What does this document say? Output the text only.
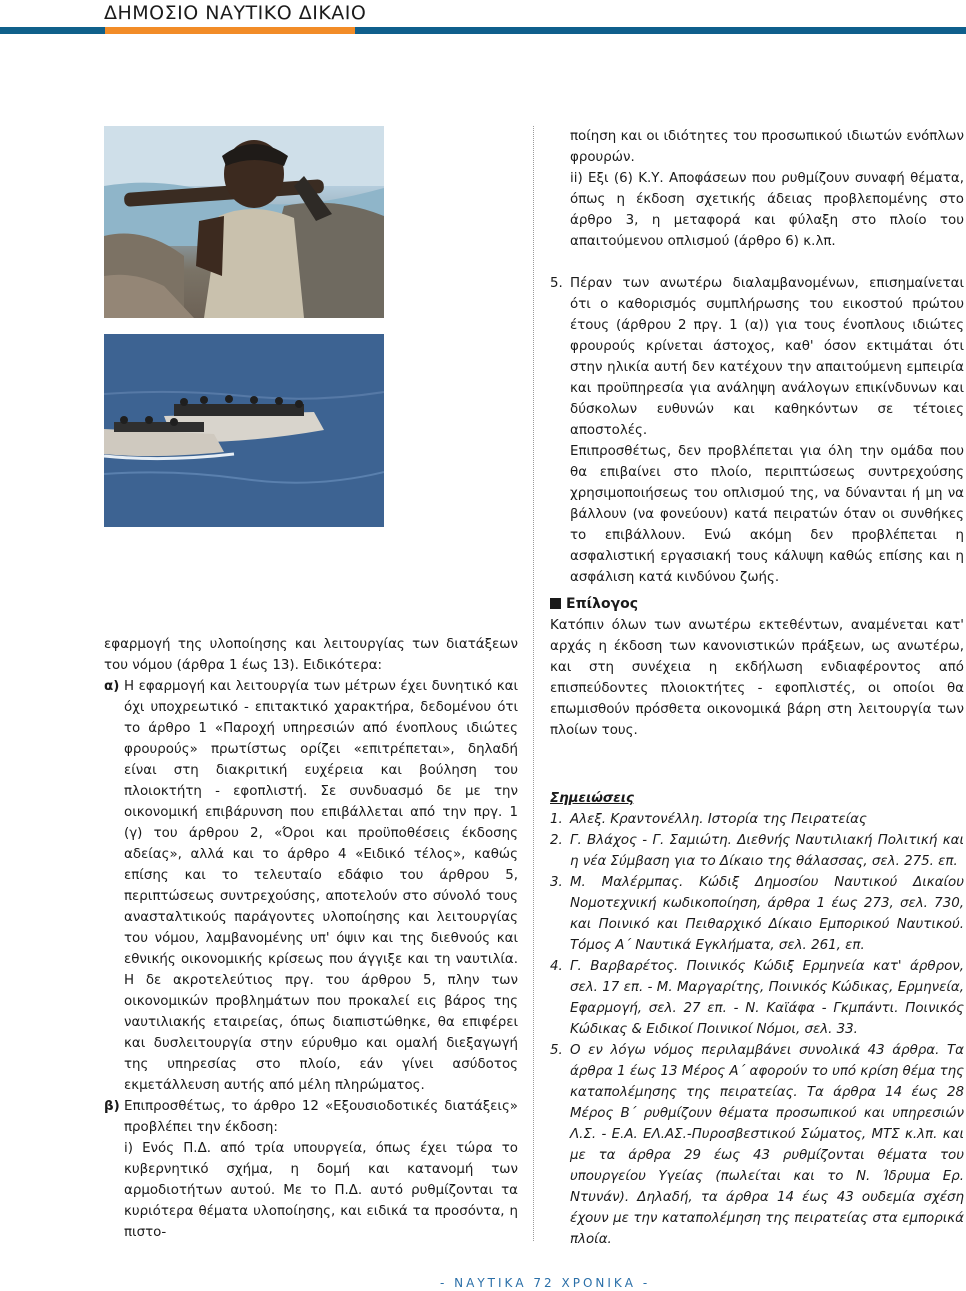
ΔΗΜΟΣΙΟ ΝΑΥΤΙΚΟ ΔΙΚΑΙΟ

εφαρμογή της υλοποίησης και λειτουργίας των διατάξεων του νόμου (άρθρα 1 έως 13). Ειδικότερα:

α) Η εφαρμογή και λειτουργία των μέτρων έχει δυνητικό και όχι υποχρεωτικό - επιτακτικό χαρακτήρα, δεδομένου ότι το άρθρο 1 «Παροχή υπηρεσιών από ένοπλους ιδιώτες φρουρούς» πρωτίστως ορίζει «επιτρέπεται», δηλαδή είναι στη διακριτική ευχέρεια και βούληση του πλοιοκτήτη - εφοπλιστή. Σε συνδυασμό δε με την οικονομική επιβάρυνση που επιβάλλεται από την πργ. 1 (γ) του άρθρου 2, «Όροι και προϋποθέσεις έκδοσης αδείας», αλλά και το άρθρο 4 «Ειδικό τέλος», καθώς επίσης και το τελευταίο εδάφιο του άρθρου 5, περιπτώσεως συντρεχούσης, αποτελούν στο σύνολό τους ανασταλτικούς παράγοντες υλοποίησης και λειτουργίας του νόμου, λαμβανομένης υπ' όψιν και της διεθνούς και εθνικής οικονομικής κρίσεως που άγγιξε και τη ναυτιλία. Η δε ακροτελεύτιος πργ. του άρθρου 5, πλην των οικονομικών προβλημάτων που προκαλεί εις βάρος της ναυτιλιακής εταιρείας, όπως διαπιστώθηκε, θα επιφέρει και δυσλειτουργία στην εύρυθμο και ομαλή διεξαγωγή της υπηρεσίας στο πλοίο, εάν γίνει ασύδοτος εκμετάλλευση αυτής από μέλη πληρώματος.

β) Επιπροσθέτως, το άρθρο 12 «Εξουσιοδοτικές διατάξεις» προβλέπει την έκδοση:

i) Ενός Π.Δ. από τρία υπουργεία, όπως έχει τώρα το κυβερνητικό σχήμα, η δομή και κατανομή των αρμοδιοτήτων αυτού. Με το Π.Δ. αυτό ρυθμίζονται τα κυριότερα θέματα υλοποίησης, και ειδικά τα προσόντα, η πιστο-

ποίηση και οι ιδιότητες του προσωπικού ιδιωτών ενόπλων φρουρών.

ii) Εξι (6) Κ.Υ. Αποφάσεων που ρυθμίζουν συναφή θέματα, όπως η έκδοση σχετικής άδειας προβλεπομένης στο άρθρο 3, η μεταφορά και φύλαξη στο πλοίο του απαιτούμενου οπλισμού (άρθρο 6) κ.λπ.

5. Πέραν των ανωτέρω διαλαμβανομένων, επισημαίνεται ότι ο καθορισμός συμπλήρωσης του εικοστού πρώτου έτους (άρθρου 2 πργ. 1 (α)) για τους ένοπλους ιδιώτες φρουρούς κρίνεται άστοχος, καθ' όσον εκτιμάται ότι στην ηλικία αυτή δεν κατέχουν την απαιτούμενη εμπειρία και προϋπηρεσία για ανάληψη ανάλογων επικίνδυνων και δύσκολων ευθυνών και καθηκόντων σε τέτοιες αποστολές.

Επιπροσθέτως, δεν προβλέπεται για όλη την ομάδα που θα επιβαίνει στο πλοίο, περιπτώσεως συντρεχούσης χρησιμοποιήσεως του οπλισμού της, να δύνανται ή μη να βάλλουν (να φονεύουν) κατά πειρατών όταν οι συνθήκες το επιβάλλουν. Ενώ ακόμη δεν προβλέπεται η ασφαλιστική εργασιακή τους κάλυψη καθώς επίσης και η ασφάλιση κατά κινδύνου ζωής.

Επίλογος

Κατόπιν όλων των ανωτέρω εκτεθέντων, αναμένεται κατ' αρχάς η έκδοση των κανονιστικών πράξεων, ως ανωτέρω, και στη συνέχεια η εκδήλωση ενδιαφέροντος από επισπεύδοντες πλοιοκτήτες - εφοπλιστές, οι οποίοι θα επωμισθούν πρόσθετα οικονομικά βάρη στη λειτουργία των πλοίων τους.

Σημειώσεις

1. Αλεξ. Κραντονέλλη. Ιστορία της Πειρατείας

2. Γ. Βλάχος - Γ. Σαμιώτη. Διεθνής Ναυτιλιακή Πολιτική και η νέα Σύμβαση για το Δίκαιο της θάλασσας, σελ. 275. επ.

3. Μ. Μαλέρμπας. Κώδιξ Δημοσίου Ναυτικού Δικαίου Νομοτεχνική κωδικοποίηση, άρθρα 1 έως 273, σελ. 730, και Ποινικό και Πειθαρχικό Δίκαιο Εμπορικού Ναυτικού. Τόμος Α΄ Ναυτικά Εγκλήματα, σελ. 261, επ.

4. Γ. Βαρβαρέτος. Ποινικός Κώδιξ Ερμηνεία κατ' άρθρον, σελ. 17 επ. - Μ. Μαργαρίτης, Ποινικός Κώδικας, Ερμηνεία, Εφαρμογή, σελ. 27 επ. - Ν. Καϊάφα - Γκμπάντι. Ποινικός Κώδικας & Ειδικοί Ποινικοί Νόμοι, σελ. 33.

5. Ο εν λόγω νόμος περιλαμβάνει συνολικά 43 άρθρα. Τα άρθρα 1 έως 13 Μέρος Α΄ αφορούν το υπό κρίση θέμα της καταπολέμησης της πειρατείας. Τα άρθρα 14 έως 28 Μέρος Β΄ ρυθμίζουν θέματα προσωπικού και υπηρεσιών Λ.Σ. - Ε.Α. ΕΛ.ΑΣ.-Πυροσβεστικού Σώματος, ΜΤΣ κ.λπ. και με τα άρθρα 29 έως 43 ρυθμίζονται θέματα του υπουργείου Υγείας (πωλείται και το Ν. Ίδρυμα Ερ. Ντυνάν). Δηλαδή, τα άρθρα 14 έως 43 ουδεμία σχέση έχουν με την καταπολέμηση της πειρατείας στα εμπορικά πλοία.

- ΝΑΥΤΙΚΑ 72 ΧΡΟΝΙΚΑ -
